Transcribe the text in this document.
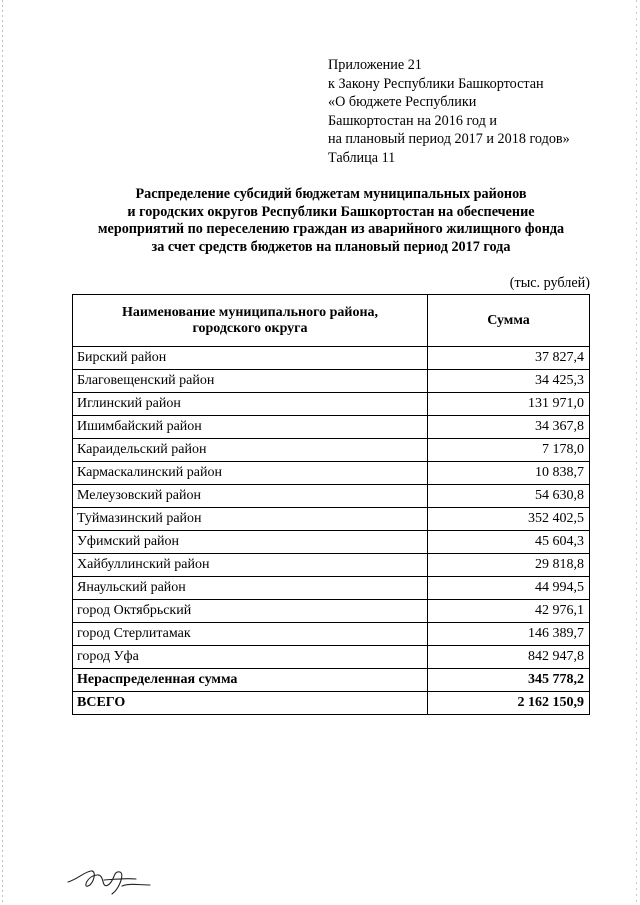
Приложение 21
к Закону Республики Башкортостан
«О бюджете Республики
Башкортостан на 2016 год и
на плановый период 2017 и 2018 годов»
Таблица 11
Распределение субсидий бюджетам муниципальных районов
и городских округов Республики Башкортостан на обеспечение
мероприятий по переселению граждан из аварийного жилищного фонда
за счет средств бюджетов на плановый период 2017 года
(тыс. рублей)
Наименование муниципального района,
городского округа	Сумма
Бирский район	37 827,4
Благовещенский район	34 425,3
Иглинский район	131 971,0
Ишимбайский район	34 367,8
Караидельский район	7 178,0
Кармаскалинский район	10 838,7
Мелеузовский район	54 630,8
Туймазинский район	352 402,5
Уфимский район	45 604,3
Хайбуллинский район	29 818,8
Янаульский район	44 994,5
город Октябрьский	42 976,1
город Стерлитамак	146 389,7
город Уфа	842 947,8
Нераспределенная сумма	345 778,2
ВСЕГО	2 162 150,9
